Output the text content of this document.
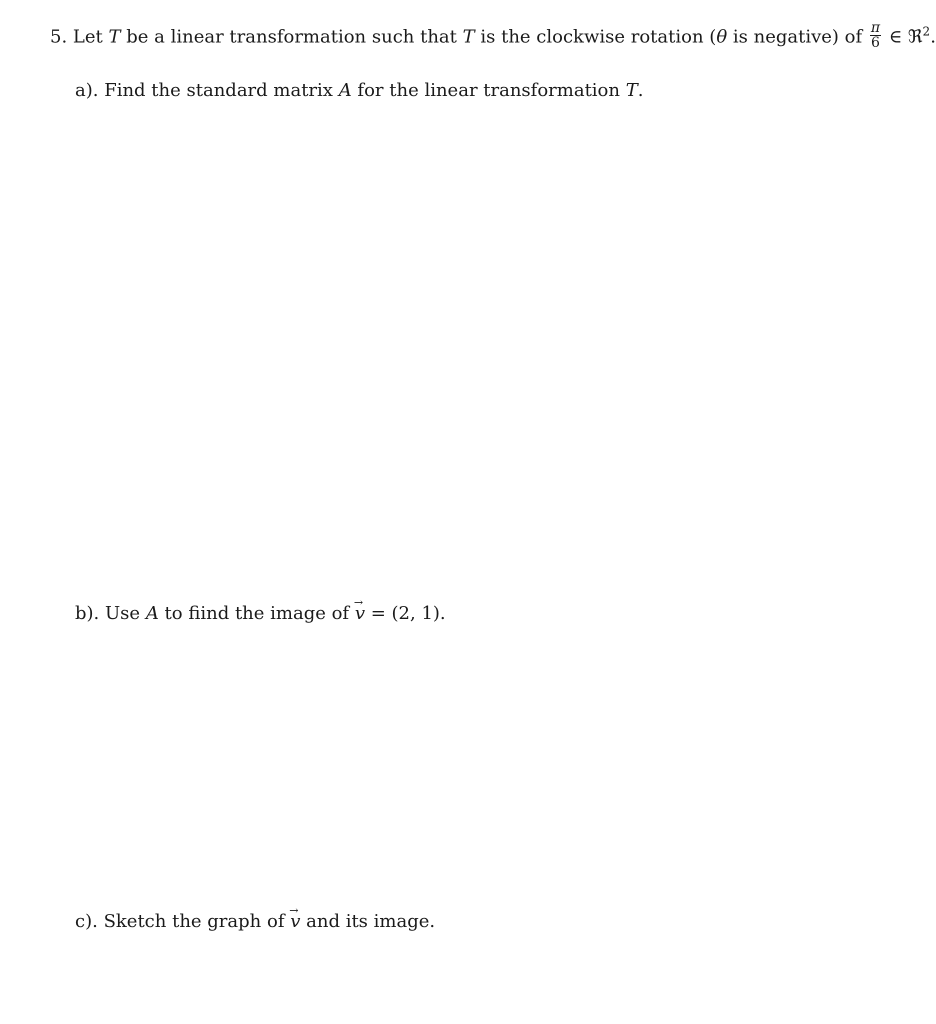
5. Let T be a linear transformation such that T is the clockwise rotation (θ is negative) of $\frac{\pi}{6}$ ∈ ℜ$^2$.
a). Find the standard matrix A for the linear transformation T.
b). Use A to fiind the image of v → = (2, 1).
c). Sketch the graph of v → and its image.
